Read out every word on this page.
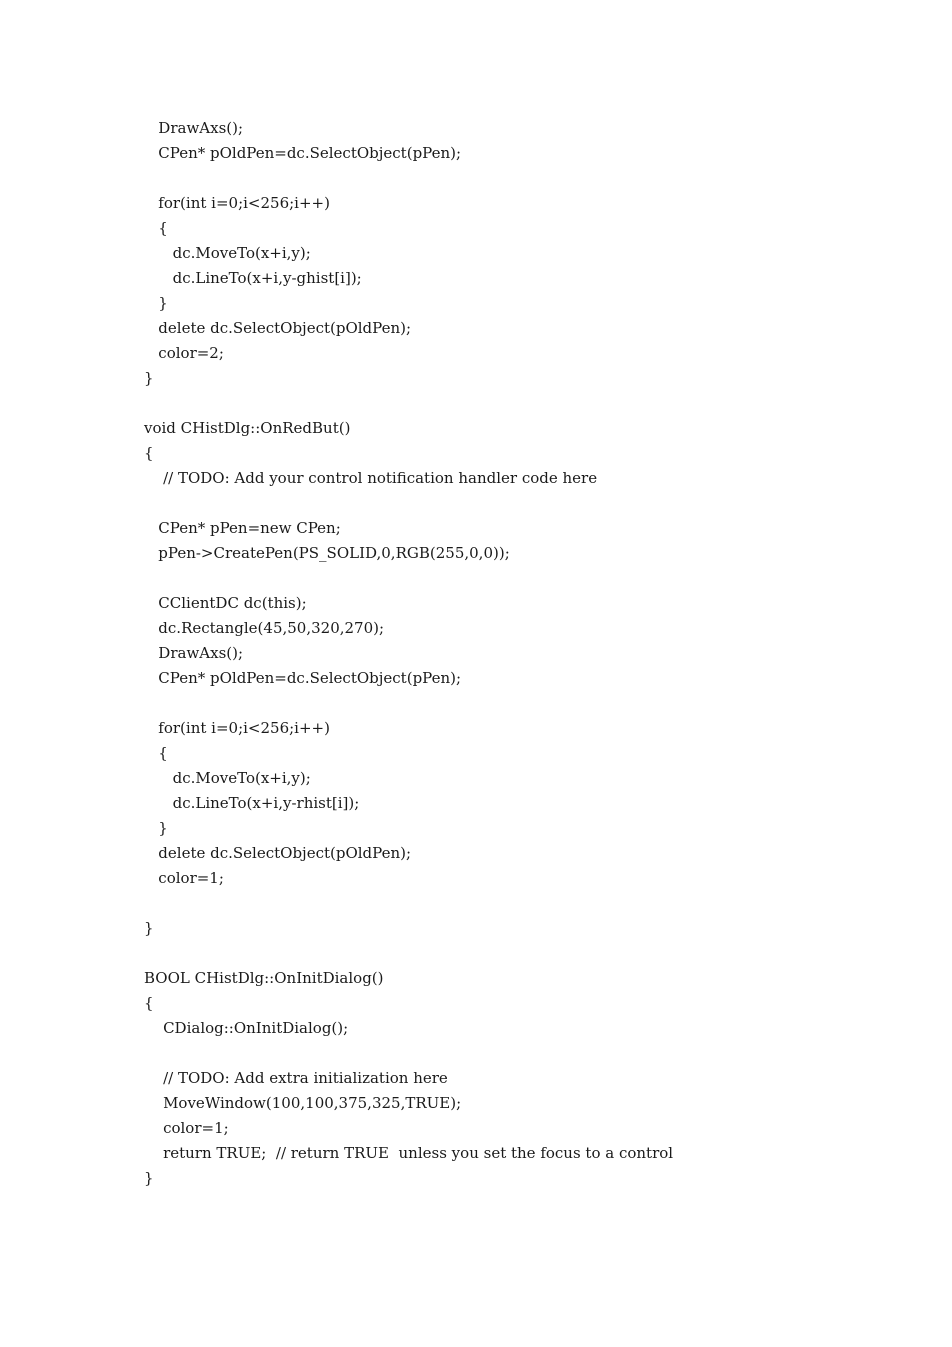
DrawAxs();
CPen* pOldPen=dc.SelectObject(pPen);
for(int i=0;i<256;i++)
{
dc.MoveTo(x+i,y);
dc.LineTo(x+i,y-ghist[i]);
}
delete dc.SelectObject(pOldPen);
color=2;
}
void CHistDlg::OnRedBut()
{
// TODO: Add your control notification handler code here
CPen* pPen=new CPen;
pPen->CreatePen(PS_SOLID,0,RGB(255,0,0));
CClientDC dc(this);
dc.Rectangle(45,50,320,270);
DrawAxs();
CPen* pOldPen=dc.SelectObject(pPen);
for(int i=0;i<256;i++)
{
dc.MoveTo(x+i,y);
dc.LineTo(x+i,y-rhist[i]);
}
delete dc.SelectObject(pOldPen);
color=1;
}
BOOL CHistDlg::OnInitDialog()
{
CDialog::OnInitDialog();
// TODO: Add extra initialization here
MoveWindow(100,100,375,325,TRUE);
color=1;
return TRUE;  // return TRUE  unless you set the focus to a control
}
